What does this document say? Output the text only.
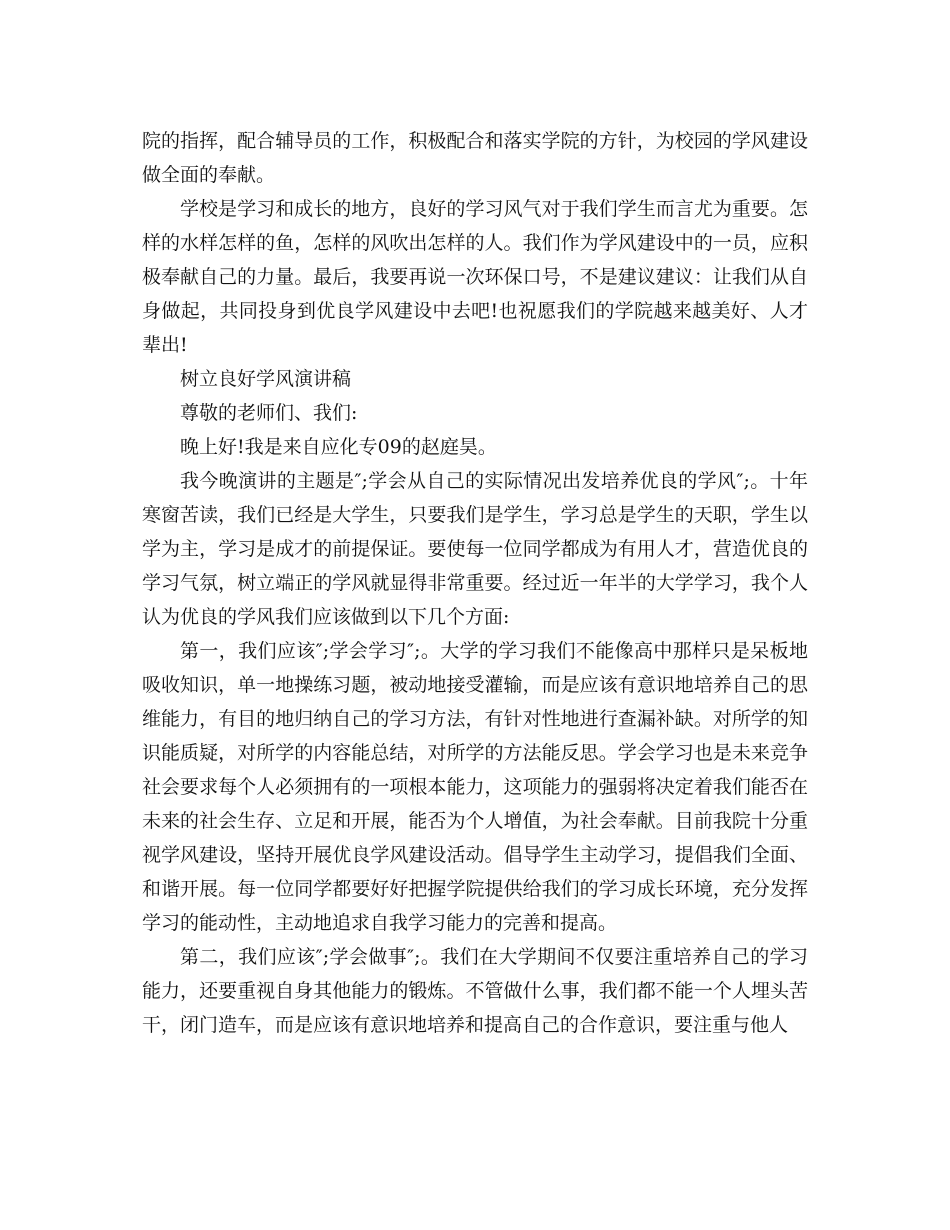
院的指挥，配合辅导员的工作，积极配合和落实学院的方针，为校园的学风建设做全面的奉献。

学校是学习和成长的地方，良好的学习风气对于我们学生而言尤为重要。怎样的水样怎样的鱼，怎样的风吹出怎样的人。我们作为学风建设中的一员，应积极奉献自己的力量。最后，我要再说一次环保口号，不是建议建议：让我们从自身做起，共同投身到优良学风建设中去吧!也祝愿我们的学院越来越美好、人才辈出!

树立良好学风演讲稿

尊敬的老师们、我们:

晚上好!我是来自应化专09的赵庭昊。

我今晚演讲的主题是″;学会从自己的实际情况出发培养优良的学风″;。十年寒窗苦读，我们已经是大学生，只要我们是学生，学习总是学生的天职，学生以学为主，学习是成才的前提保证。要使每一位同学都成为有用人才，营造优良的学习气氛，树立端正的学风就显得非常重要。经过近一年半的大学学习，我个人认为优良的学风我们应该做到以下几个方面:

第一，我们应该″;学会学习″;。大学的学习我们不能像高中那样只是呆板地吸收知识，单一地操练习题，被动地接受灌输，而是应该有意识地培养自己的思维能力，有目的地归纳自己的学习方法，有针对性地进行查漏补缺。对所学的知识能质疑，对所学的内容能总结，对所学的方法能反思。学会学习也是未来竞争社会要求每个人必须拥有的一项根本能力，这项能力的强弱将决定着我们能否在未来的社会生存、立足和开展，能否为个人增值，为社会奉献。目前我院十分重视学风建设，坚持开展优良学风建设活动。倡导学生主动学习，提倡我们全面、和谐开展。每一位同学都要好好把握学院提供给我们的学习成长环境，充分发挥学习的能动性，主动地追求自我学习能力的完善和提高。

第二，我们应该″;学会做事″;。我们在大学期间不仅要注重培养自己的学习能力，还要重视自身其他能力的锻炼。不管做什么事，我们都不能一个人埋头苦干，闭门造车，而是应该有意识地培养和提高自己的合作意识，要注重与他人
